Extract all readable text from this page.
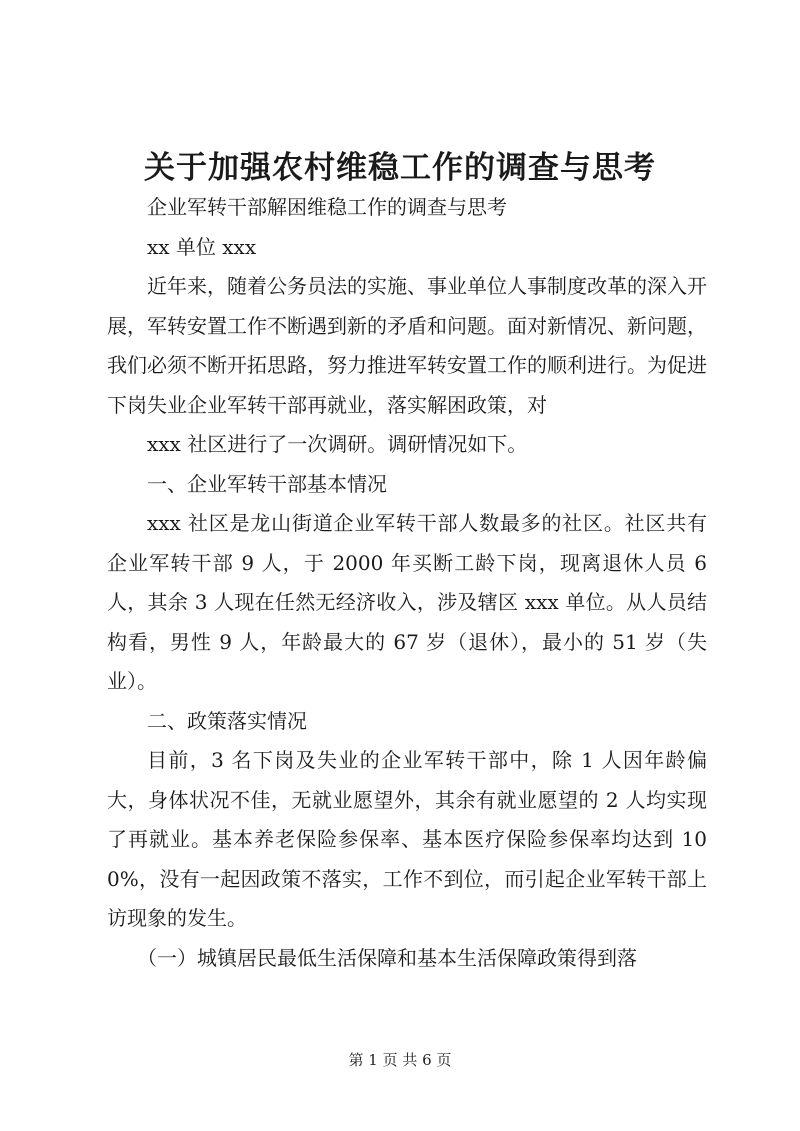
关于加强农村维稳工作的调查与思考

企业军转干部解困维稳工作的调查与思考

xx 单位 xxx

近年来，随着公务员法的实施、事业单位人事制度改革的深入开展，军转安置工作不断遇到新的矛盾和问题。面对新情况、新问题，我们必须不断开拓思路，努力推进军转安置工作的顺利进行。为促进下岗失业企业军转干部再就业，落实解困政策，对

xxx 社区进行了一次调研。调研情况如下。

一、企业军转干部基本情况

xxx 社区是龙山街道企业军转干部人数最多的社区。社区共有企业军转干部 9 人，于 2000 年买断工龄下岗，现离退休人员 6 人，其余 3 人现在任然无经济收入，涉及辖区 xxx 单位。从人员结构看，男性 9 人，年龄最大的 67 岁（退休），最小的 51 岁（失业）。

二、政策落实情况

目前，3 名下岗及失业的企业军转干部中，除 1 人因年龄偏大，身体状况不佳，无就业愿望外，其余有就业愿望的 2 人均实现了再就业。基本养老保险参保率、基本医疗保险参保率均达到 100%，没有一起因政策不落实，工作不到位，而引起企业军转干部上访现象的发生。

（一）城镇居民最低生活保障和基本生活保障政策得到落

第 1 页 共 6 页
